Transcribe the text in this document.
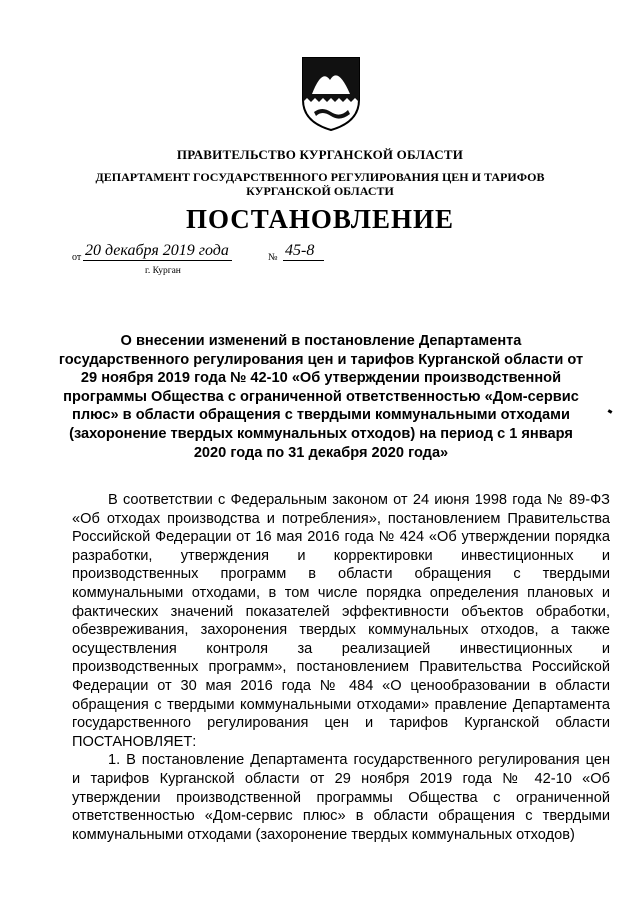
ПРАВИТЕЛЬСТВО КУРГАНСКОЙ ОБЛАСТИ
ДЕПАРТАМЕНТ ГОСУДАРСТВЕННОГО РЕГУЛИРОВАНИЯ ЦЕН И ТАРИФОВ
КУРГАНСКОЙ ОБЛАСТИ
ПОСТАНОВЛЕНИЕ
от 20 декабря 2019 года	№ 45-8
г. Курган
О внесении изменений в постановление Департамента государственного регулирования цен и тарифов Курганской области от 29 ноября 2019 года № 42-10 «Об утверждении производственной программы Общества с ограниченной ответственностью «Дом-сервис плюс» в области обращения с твердыми коммунальными отходами (захоронение твердых коммунальных отходов) на период с 1 января 2020 года по 31 декабря 2020 года»

В соответствии с Федеральным законом от 24 июня 1998 года № 89-ФЗ «Об отходах производства и потребления», постановлением Правительства Российской Федерации от 16 мая 2016 года № 424 «Об утверждении порядка разработки, утверждения и корректировки инвестиционных и производственных программ в области обращения с твердыми коммунальными отходами, в том числе порядка определения плановых и фактических значений показателей эффективности объектов обработки, обезвреживания, захоронения твердых коммунальных отходов, а также осуществления контроля за реализацией инвестиционных и производственных программ», постановлением Правительства Российской Федерации от 30 мая 2016 года № 484 «О ценообразовании в области обращения с твердыми коммунальными отходами» правление Департамента государственного регулирования цен и тарифов Курганской области ПОСТАНОВЛЯЕТ:

1. В постановление Департамента государственного регулирования цен и тарифов Курганской области от 29 ноября 2019 года № 42-10 «Об утверждении производственной программы Общества с ограниченной ответственностью «Дом-сервис плюс» в области обращения с твердыми коммунальными отходами (захоронение твердых коммунальных отходов)
